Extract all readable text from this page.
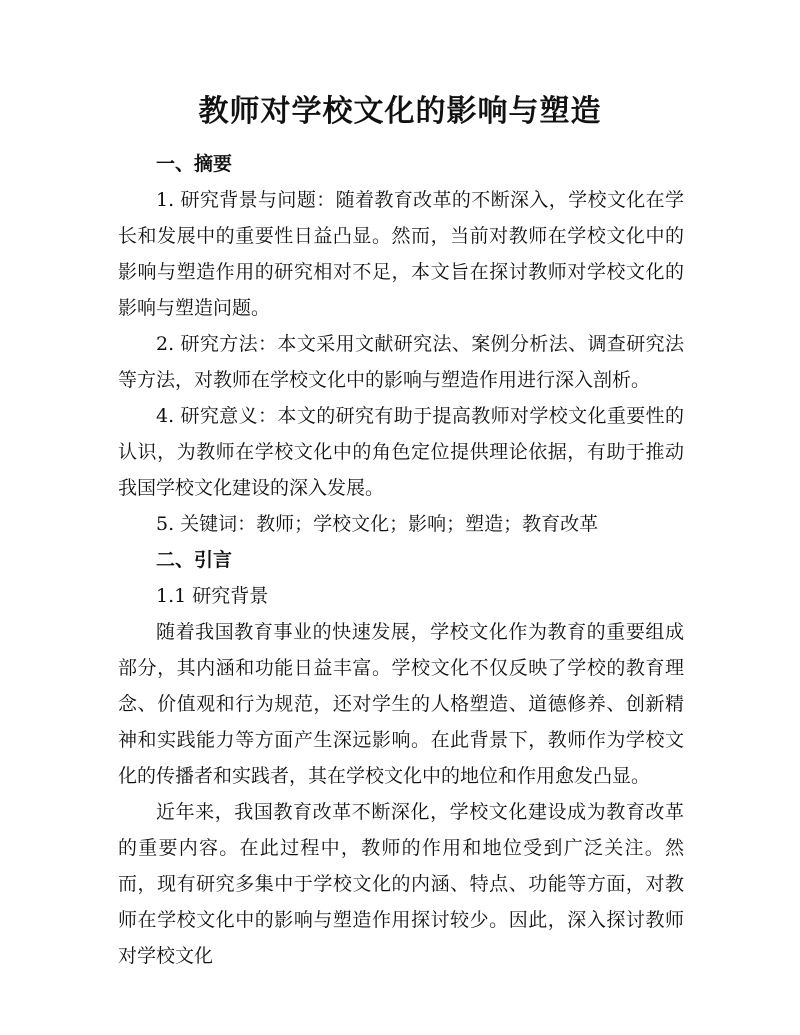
教师对学校文化的影响与塑造

一、摘要

1. 研究背景与问题：随着教育改革的不断深入，学校文化在学长和发展中的重要性日益凸显。然而，当前对教师在学校文化中的影响与塑造作用的研究相对不足，本文旨在探讨教师对学校文化的影响与塑造问题。

2. 研究方法：本文采用文献研究法、案例分析法、调查研究法等方法，对教师在学校文化中的影响与塑造作用进行深入剖析。

4. 研究意义：本文的研究有助于提高教师对学校文化重要性的认识，为教师在学校文化中的角色定位提供理论依据，有助于推动我国学校文化建设的深入发展。

5. 关键词：教师；学校文化；影响；塑造；教育改革

二、引言

1.1 研究背景

随着我国教育事业的快速发展，学校文化作为教育的重要组成部分，其内涵和功能日益丰富。学校文化不仅反映了学校的教育理念、价值观和行为规范，还对学生的人格塑造、道德修养、创新精神和实践能力等方面产生深远影响。在此背景下，教师作为学校文化的传播者和实践者，其在学校文化中的地位和作用愈发凸显。

近年来，我国教育改革不断深化，学校文化建设成为教育改革的重要内容。在此过程中，教师的作用和地位受到广泛关注。然而，现有研究多集中于学校文化的内涵、特点、功能等方面，对教师在学校文化中的影响与塑造作用探讨较少。因此，深入探讨教师对学校文化
